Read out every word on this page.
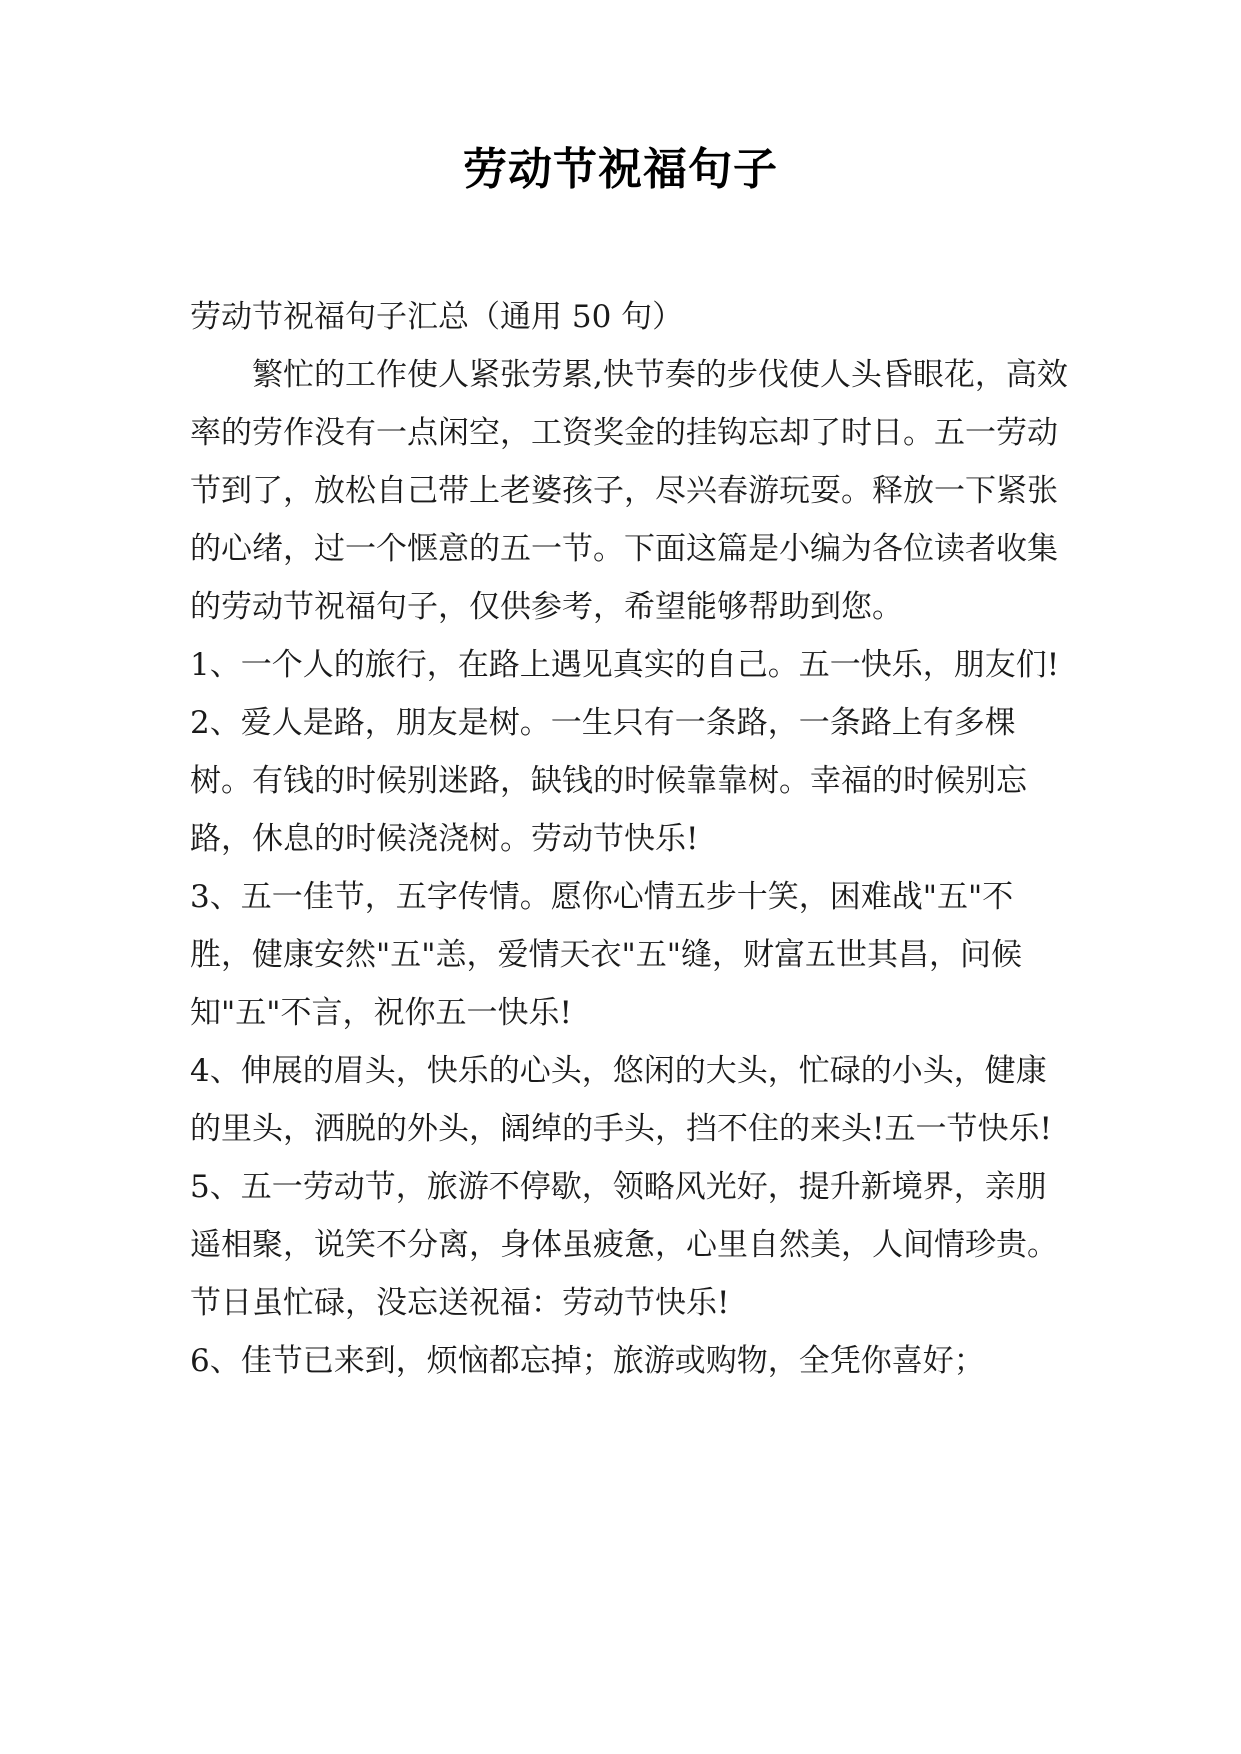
劳动节祝福句子

劳动节祝福句子汇总（通用 50 句）

繁忙的工作使人紧张劳累,快节奏的步伐使人头昏眼花，高效率的劳作没有一点闲空，工资奖金的挂钩忘却了时日。五一劳动节到了，放松自己带上老婆孩子，尽兴春游玩耍。释放一下紧张的心绪，过一个惬意的五一节。下面这篇是小编为各位读者收集的劳动节祝福句子，仅供参考，希望能够帮助到您。

1、一个人的旅行，在路上遇见真实的自己。五一快乐，朋友们!

2、爱人是路，朋友是树。一生只有一条路，一条路上有多棵树。有钱的时候别迷路，缺钱的时候靠靠树。幸福的时候别忘路，休息的时候浇浇树。劳动节快乐!

3、五一佳节，五字传情。愿你心情五步十笑，困难战"五"不胜，健康安然"五"恙，爱情天衣"五"缝，财富五世其昌，问候知"五"不言，祝你五一快乐!

4、伸展的眉头，快乐的心头，悠闲的大头，忙碌的小头，健康的里头，洒脱的外头，阔绰的手头，挡不住的来头!五一节快乐!

5、五一劳动节，旅游不停歇，领略风光好，提升新境界，亲朋遥相聚，说笑不分离，身体虽疲惫，心里自然美，人间情珍贵。节日虽忙碌，没忘送祝福：劳动节快乐!

6、佳节已来到，烦恼都忘掉；旅游或购物，全凭你喜好；
